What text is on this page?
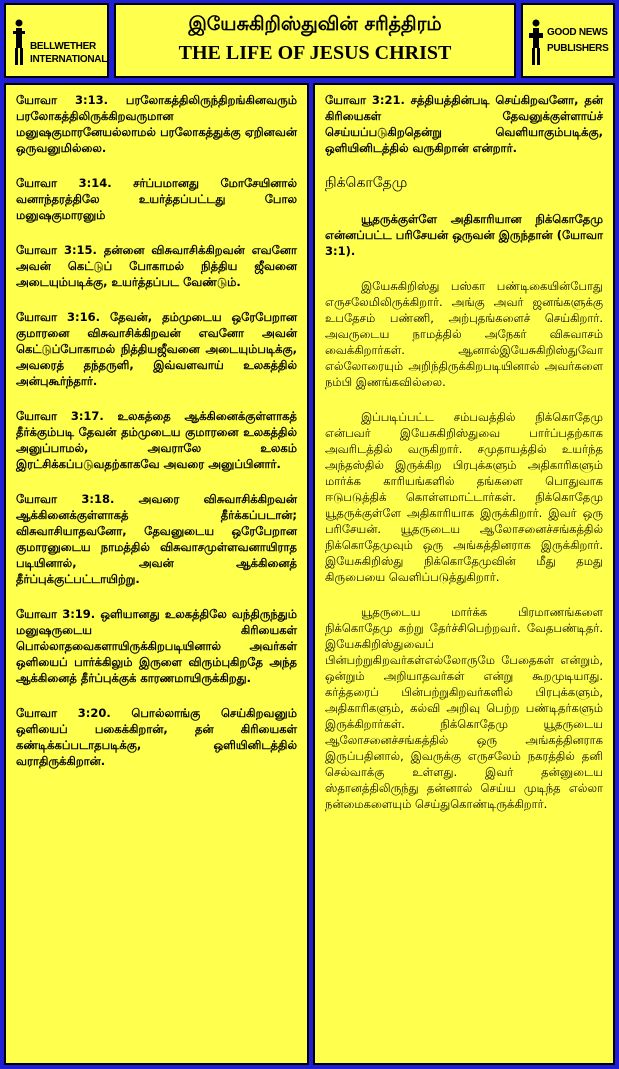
BELLWETHER
INTERNATIONAL
இயேசுகிறிஸ்துவின் சரித்திரம்
THE LIFE OF JESUS CHRIST
GOOD NEWS
PUBLISHERS

யோவா 3:13. பரலோகத்திலிருந்திறங்கினவரும் பரலோகத்திலிருக்கிறவருமான மனுஷகுமாரனேயல்லாமல் பரலோகத்துக்கு ஏறினவன் ஒருவனுமில்லை.

யோவா 3:14. சர்ப்பமானது மோசேயினால் வனாந்தரத்திலே உயர்த்தப்பட்டது போல மனுஷகுமாரனும்

யோவா 3:15. தன்னை விசுவாசிக்கிறவன் எவனோ அவன் கெட்டுப் போகாமல் நித்திய ஜீவனை அடையும்படிக்கு, உயர்த்தப்பட வேண்டும்.

யோவா 3:16. தேவன், தம்முடைய ஒரேபேறான குமாரனை விசுவாசிக்கிறவன் எவனோ அவன் கெட்டுப்போகாமல் நித்தியஜீவனை அடையும்படிக்கு, அவரைத் தந்தருளி, இவ்வளவாய் உலகத்தில் அன்புகூர்ந்தார்.

யோவா 3:17. உலகத்தை ஆக்கினைக்குள்ளாகத் தீர்க்கும்படி தேவன் தம்முடைய குமாரனை உலகத்தில் அனுப்பாமல், அவராலே உலகம் இரட்சிக்கப்படுவதற்காகவே அவரை அனுப்பினார்.

யோவா 3:18. அவரை விசுவாசிக்கிறவன் ஆக்கினைக்குள்ளாகத் தீர்க்கப்படான்; விசுவாசியாதவனோ, தேவனுடைய ஒரேபேறான குமாரனுடைய நாமத்தில் விசுவாசமுள்ளவனாயிராத படியினால், அவன் ஆக்கினைத் தீர்ப்புக்குட்பட்டாயிற்று.

யோவா 3:19. ஒளியானது உலகத்திலே வந்திருந்தும் மனுஷருடைய கிரியைகள் பொல்லாதவைகளாயிருக்கிறபடியினால் அவர்கள் ஒளியைப் பார்க்கிலும் இருளை விரும்புகிறதே அந்த ஆக்கினைத் தீர்ப்புக்குக் காரணமாயிருக்கிறது.

யோவா 3:20. பொல்லாங்கு செய்கிறவனும் ஒளியைப் பகைக்கிறான், தன் கிரியைகள் கண்டிக்கப்படாதபடிக்கு, ஒளியினிடத்தில் வராதிருக்கிறான்.

யோவா 3:21. சத்தியத்தின்படி செய்கிறவனோ, தன் கிரியைகள் தேவனுக்குள்ளாய்ச் செய்யப்படுகிறதென்று வெளியாகும்படிக்கு, ஒளியினிடத்தில் வருகிறான் என்றார்.

நிக்கொதேமு

யூதருக்குள்ளே அதிகாரியான நிக்கொதேமு என்னப்பட்ட பரிசேயன் ஒருவன் இருந்தான் (யோவா 3:1).

இயேசுகிறிஸ்து பஸ்கா பண்டிகையின்போது எருசலேமிலிருக்கிறார். அங்கு அவர் ஜனங்களுக்கு உபதேசம் பண்ணி, அற்புதங்களைச் செய்கிறார். அவருடைய நாமத்தில் அநேகர் விசுவாசம் வைக்கிறார்கள். ஆனால்இயேசுகிறிஸ்துவோ எல்லோரையும் அறிந்திருக்கிறபடியினால் அவர்களை நம்பி இணங்கவில்லை.

இப்படிப்பட்ட சம்பவத்தில் நிக்கொதேமு என்பவர் இயேசுகிறிஸ்துவை பார்ப்பதற்காக அவரிடத்தில் வருகிறார். சமுதாயத்தில் உயர்ந்த அந்தஸ்தில் இருக்கிற பிரபுக்களும் அதிகாரிகளும் மார்க்க காரியங்களில் தங்களை பொதுவாக ஈடுபடுத்திக் கொள்ளமாட்டார்கள். நிக்கொதேமு யூதருக்குள்ளே அதிகாரியாக இருக்கிறார். இவர் ஒரு பரிசேயன். யூதருடைய ஆலோசனைச்சங்கத்தில் நிக்கொதேமுவும் ஒரு அங்கத்தினராக இருக்கிறார். இயேசுகிறிஸ்து நிக்கொதேமுவின் மீது தமது கிருபையை வெளிப்படுத்துகிறார்.

யூதருடைய மார்க்க பிரமாணங்களை நிக்கொதேமு கற்று தேர்ச்சிபெற்றவர். வேதபண்டிதர். இயேசுகிறிஸ்துவைப் பின்பற்றுகிறவர்கள்எல்லோருமே பேதைகள் என்றும், ஒன்றும் அறியாதவர்கள் என்று கூறமுடியாது. கர்த்தரைப் பின்பற்றுகிறவர்களில் பிரபுக்களும், அதிகாரிகளும், கல்வி அறிவு பெற்ற பண்டிதர்களும் இருக்கிறார்கள். நிக்கொதேமு யூதருடைய ஆலோசனைச்சங்கத்தில் ஒரு அங்கத்தினராக இருப்பதினால், இவருக்கு எருசலேம் நகரத்தில் தனி செல்வாக்கு உள்ளது. இவர் தன்னுடைய ஸ்தானத்திலிருந்து தன்னால் செய்ய முடிந்த எல்லா நன்மைகளையும் செய்துகொண்டிருக்கிறார்.
